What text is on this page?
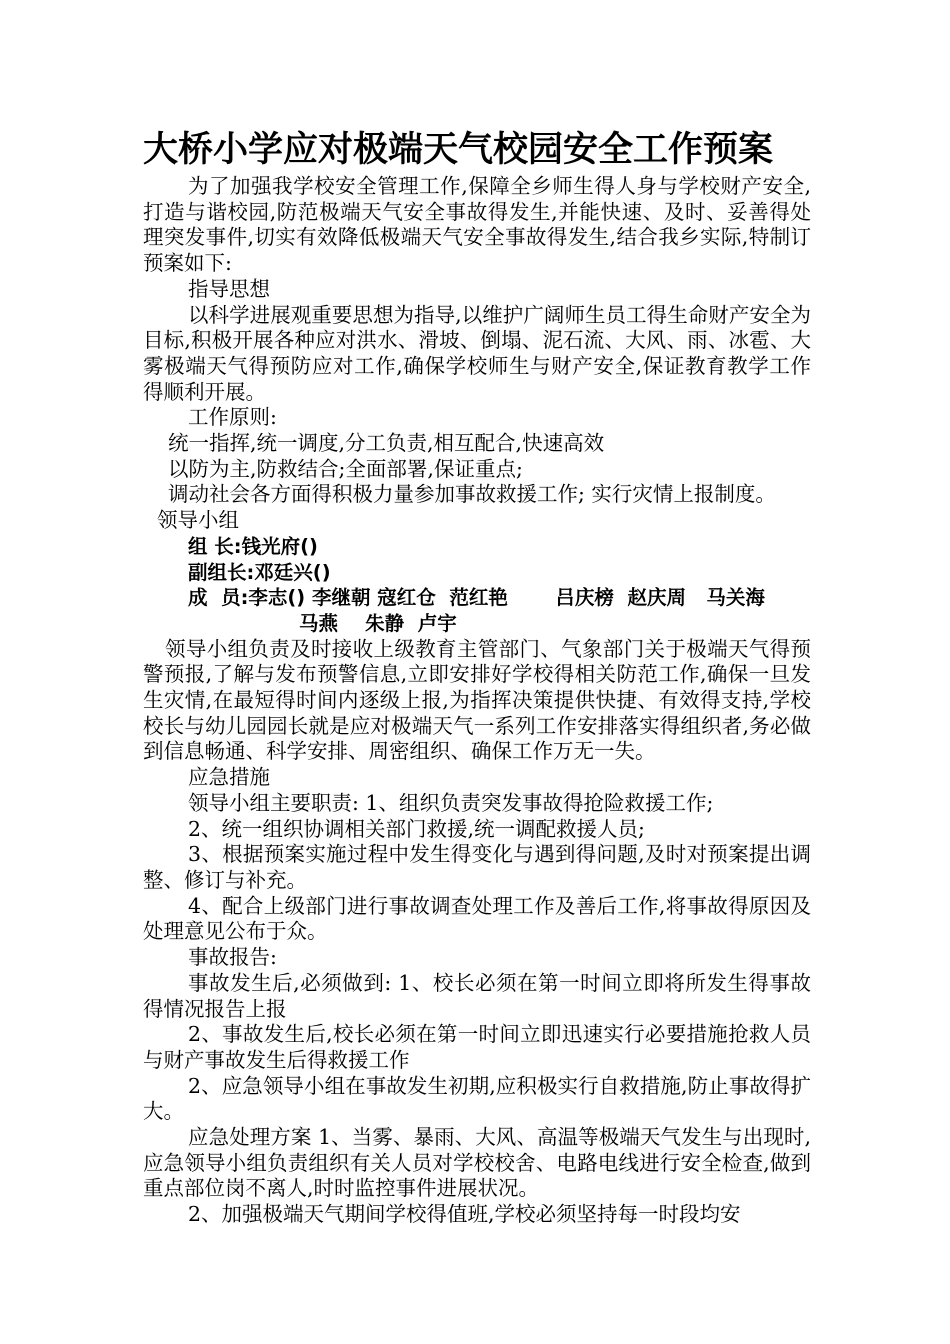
大桥小学应对极端天气校园安全工作预案

为了加强我学校安全管理工作,保障全乡师生得人身与学校财产安全,打造与谐校园,防范极端天气安全事故得发生,并能快速、及时、妥善得处理突发事件,切实有效降低极端天气安全事故得发生,结合我乡实际,特制订预案如下:

指导思想

以科学进展观重要思想为指导,以维护广阔师生员工得生命财产安全为目标,积极开展各种应对洪水、滑坡、倒塌、泥石流、大风、雨、冰雹、大雾极端天气得预防应对工作,确保学校师生与财产安全,保证教育教学工作得顺利开展。

工作原则:

统一指挥,统一调度,分工负责,相互配合,快速高效

以防为主,防救结合;全面部署,保证重点;

调动社会各方面得积极力量参加事故救援工作; 实行灾情上报制度。

领导小组

组 长:钱光府()

副组长:邓廷兴()

成  员:李志() 李继朝 寇红仓  范红艳       吕庆榜  赵庆周   马关海

马燕    朱静  卢宇

领导小组负责及时接收上级教育主管部门、气象部门关于极端天气得预警预报,了解与发布预警信息,立即安排好学校得相关防范工作,确保一旦发生灾情,在最短得时间内逐级上报,为指挥决策提供快捷、有效得支持,学校校长与幼儿园园长就是应对极端天气一系列工作安排落实得组织者,务必做到信息畅通、科学安排、周密组织、确保工作万无一失。

应急措施

领导小组主要职责: 1、组织负责突发事故得抢险救援工作;

2、统一组织协调相关部门救援,统一调配救援人员;

3、根据预案实施过程中发生得变化与遇到得问题,及时对预案提出调整、修订与补充。

4、配合上级部门进行事故调查处理工作及善后工作,将事故得原因及处理意见公布于众。

事故报告:

事故发生后,必须做到: 1、校长必须在第一时间立即将所发生得事故得情况报告上报

2、事故发生后,校长必须在第一时间立即迅速实行必要措施抢救人员与财产事故发生后得救援工作

2、应急领导小组在事故发生初期,应积极实行自救措施,防止事故得扩大。

应急处理方案 1、当雾、暴雨、大风、高温等极端天气发生与出现时,应急领导小组负责组织有关人员对学校校舍、电路电线进行安全检查,做到重点部位岗不离人,时时监控事件进展状况。

2、加强极端天气期间学校得值班,学校必须坚持每一时段均安
